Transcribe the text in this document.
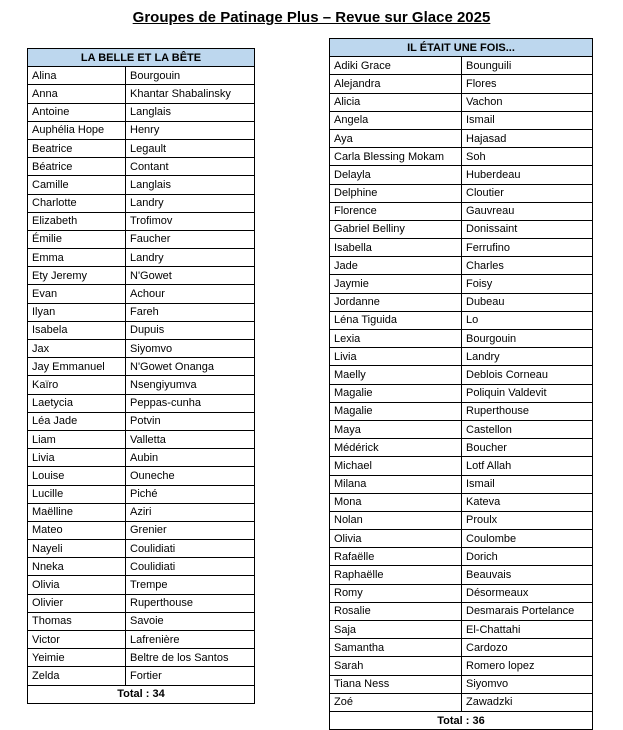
Groupes de Patinage Plus – Revue sur Glace 2025
LA BELLE ET LA BÊTE	
Alina	Bourgouin
Anna	Khantar Shabalinsky
Antoine	Langlais
Auphélia Hope	Henry
Beatrice	Legault
Béatrice	Contant
Camille	Langlais
Charlotte	Landry
Elizabeth	Trofimov
Émilie	Faucher
Emma	Landry
Ety Jeremy	N'Gowet
Evan	Achour
Ilyan	Fareh
Isabela	Dupuis
Jax	Siyomvo
Jay Emmanuel	N'Gowet Onanga
Kaïro	Nsengiyumva
Laetycia	Peppas-cunha
Léa Jade	Potvin
Liam	Valletta
Livia	Aubin
Louise	Ouneche
Lucille	Piché
Maëlline	Aziri
Mateo	Grenier
Nayeli	Coulidiati
Nneka	Coulidiati
Olivia	Trempe
Olivier	Ruperthouse
Thomas	Savoie
Victor	Lafrenière
Yeimie	Beltre de los Santos
Zelda	Fortier
Total : 34	
IL ÉTAIT UNE FOIS...	
Adiki Grace	Bounguili
Alejandra	Flores
Alicia	Vachon
Angela	Ismail
Aya	Hajasad
Carla Blessing Mokam	Soh
Delayla	Huberdeau
Delphine	Cloutier
Florence	Gauvreau
Gabriel Belliny	Donissaint
Isabella	Ferrufino
Jade	Charles
Jaymie	Foisy
Jordanne	Dubeau
Léna Tiguida	Lo
Lexia	Bourgouin
Livia	Landry
Maelly	Deblois Corneau
Magalie	Poliquin Valdevit
Magalie	Ruperthouse
Maya	Castellon
Médérick	Boucher
Michael	Lotf Allah
Milana	Ismail
Mona	Kateva
Nolan	Proulx
Olivia	Coulombe
Rafaëlle	Dorich
Raphaëlle	Beauvais
Romy	Désormeaux
Rosalie	Desmarais Portelance
Saja	El-Chattahi
Samantha	Cardozo
Sarah	Romero lopez
Tiana Ness	Siyomvo
Zoé	Zawadzki
Total : 36	
